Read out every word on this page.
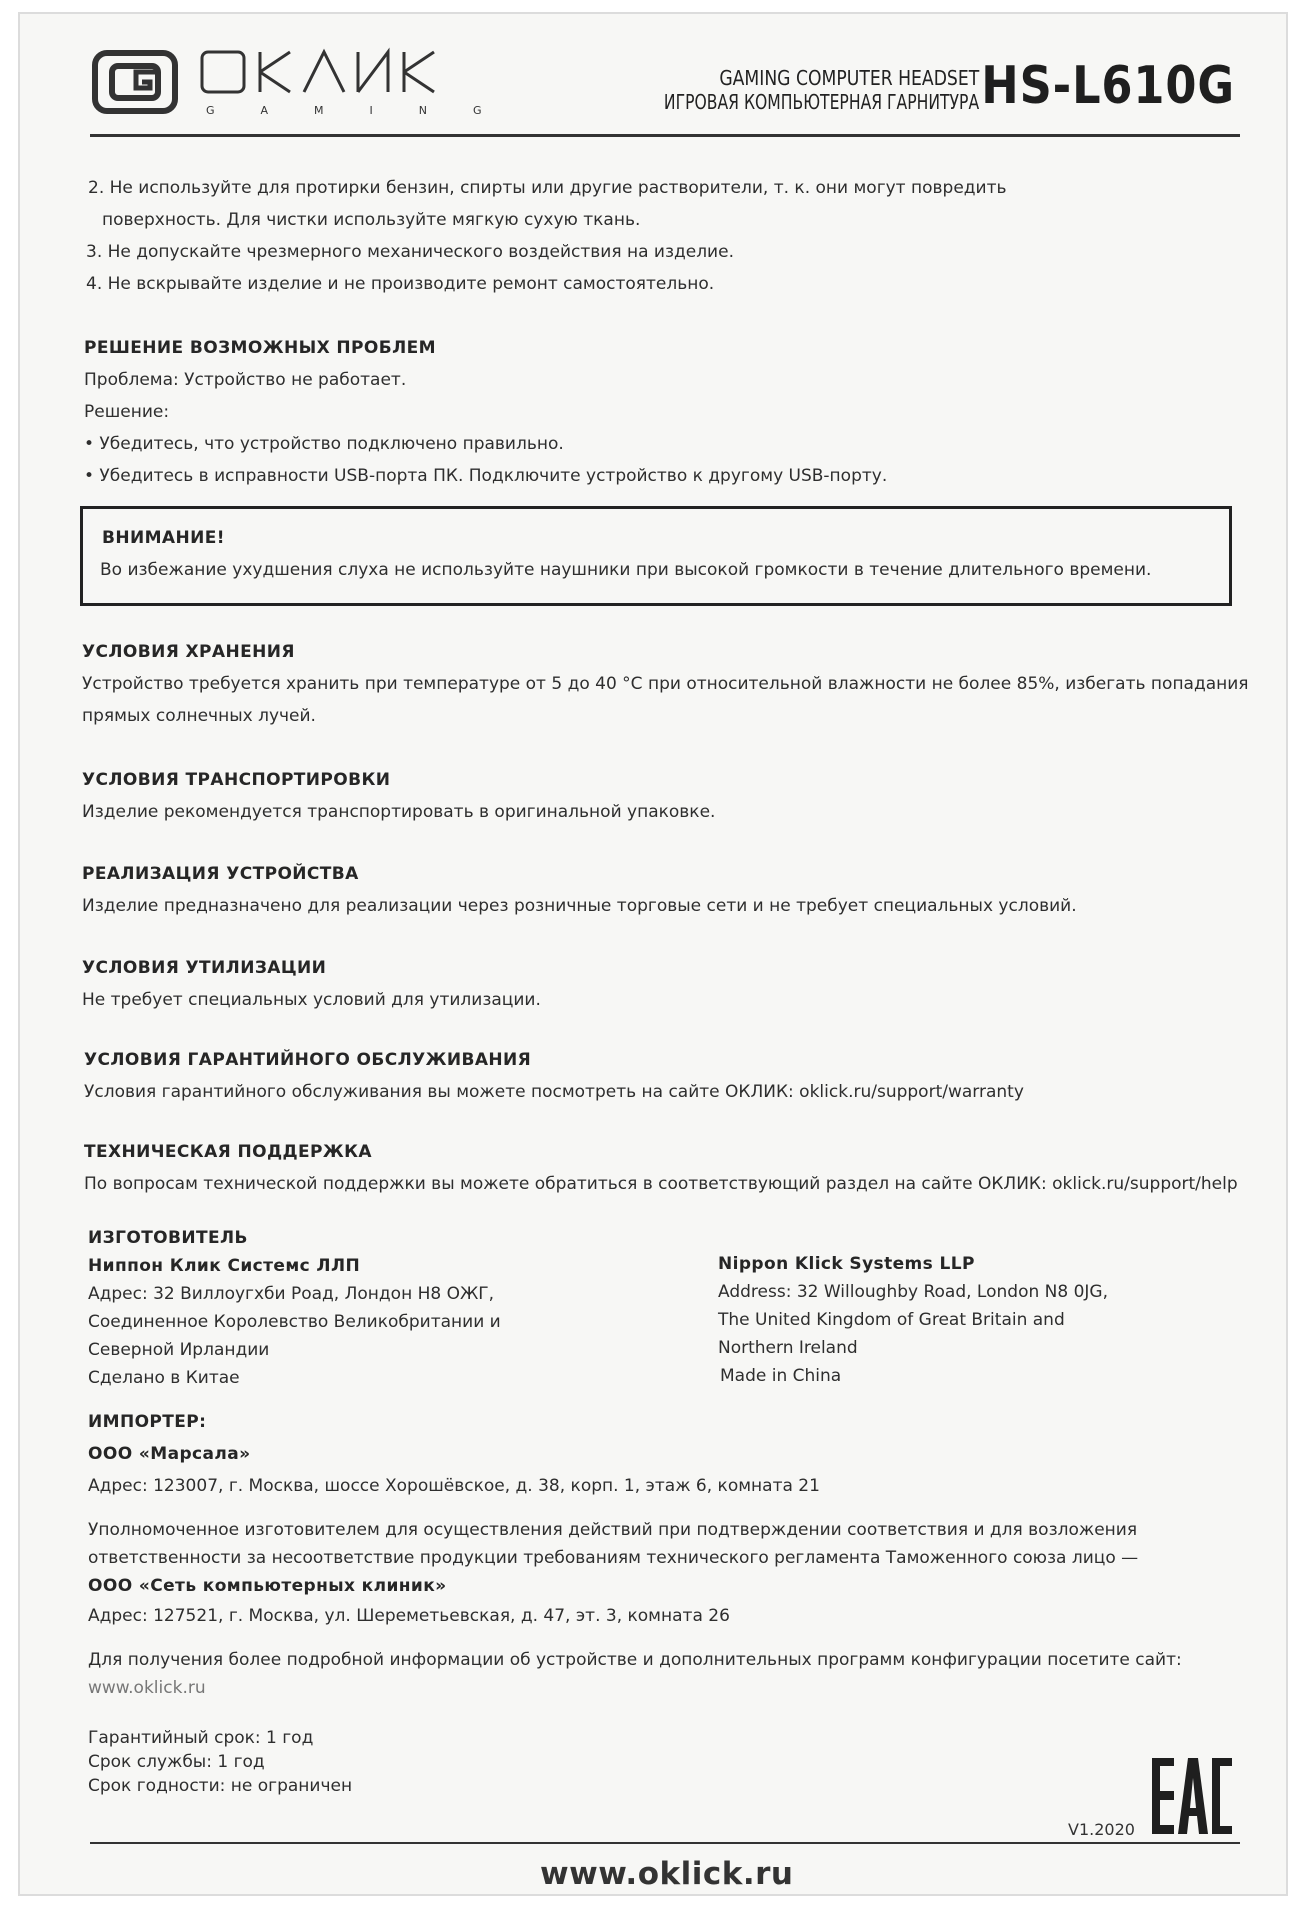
GAMING
GAMING COMPUTER HEADSET
ИГРОВАЯ КОМПЬЮТЕРНАЯ ГАРНИТУРА HS-L610G
2. Не используйте для протирки бензин, спирты или другие растворители, т. к. они могут повредить
поверхность. Для чистки используйте мягкую сухую ткань.
3. Не допускайте чрезмерного механического воздействия на изделие.
4. Не вскрывайте изделие и не производите ремонт самостоятельно.
РЕШЕНИЕ ВОЗМОЖНЫХ ПРОБЛЕМ
Проблема: Устройство не работает.
Решение:
• Убедитесь, что устройство подключено правильно.
• Убедитесь в исправности USB-порта ПК. Подключите устройство к другому USB-порту.
ВНИМАНИЕ!
Во избежание ухудшения слуха не используйте наушники при высокой громкости в течение длительного времени.
УСЛОВИЯ ХРАНЕНИЯ
Устройство требуется хранить при температуре от 5 до 40 °С при относительной влажности не более 85%, избегать попадания
прямых солнечных лучей.
УСЛОВИЯ ТРАНСПОРТИРОВКИ
Изделие рекомендуется транспортировать в оригинальной упаковке.
РЕАЛИЗАЦИЯ УСТРОЙСТВА
Изделие предназначено для реализации через розничные торговые сети и не требует специальных условий.
УСЛОВИЯ УТИЛИЗАЦИИ
Не требует специальных условий для утилизации.
УСЛОВИЯ ГАРАНТИЙНОГО ОБСЛУЖИВАНИЯ
Условия гарантийного обслуживания вы можете посмотреть на сайте ОКЛИК: oklick.ru/support/warranty
ТЕХНИЧЕСКАЯ ПОДДЕРЖКА
По вопросам технической поддержки вы можете обратиться в соответствующий раздел на сайте ОКЛИК: oklick.ru/support/help
ИЗГОТОВИТЕЛЬ
Ниппон Клик Системс ЛЛП
Адрес: 32 Виллоугхби Роад, Лондон Н8 ОЖГ,
Соединенное Королевство Великобритании и
Северной Ирландии
Сделано в Китае
Nippon Klick Systems LLP
Address: 32 Willoughby Road, London N8 0JG,
The United Kingdom of Great Britain and
Northern Ireland
Made in China
ИМПОРТЕР:
ООО «Марсала»
Адрес: 123007, г. Москва, шоссе Хорошёвское, д. 38, корп. 1, этаж 6, комната 21
Уполномоченное изготовителем для осуществления действий при подтверждении соответствия и для возложения
ответственности за несоответствие продукции требованиям технического регламента Таможенного союза лицо —
ООО «Сеть компьютерных клиник»
Адрес: 127521, г. Москва, ул. Шереметьевская, д. 47, эт. 3, комната 26
Для получения более подробной информации об устройстве и дополнительных программ конфигурации посетите сайт:
www.oklick.ru
Гарантийный срок: 1 год
Срок службы: 1 год
Срок годности: не ограничен
V1.2020
www.oklick.ru
